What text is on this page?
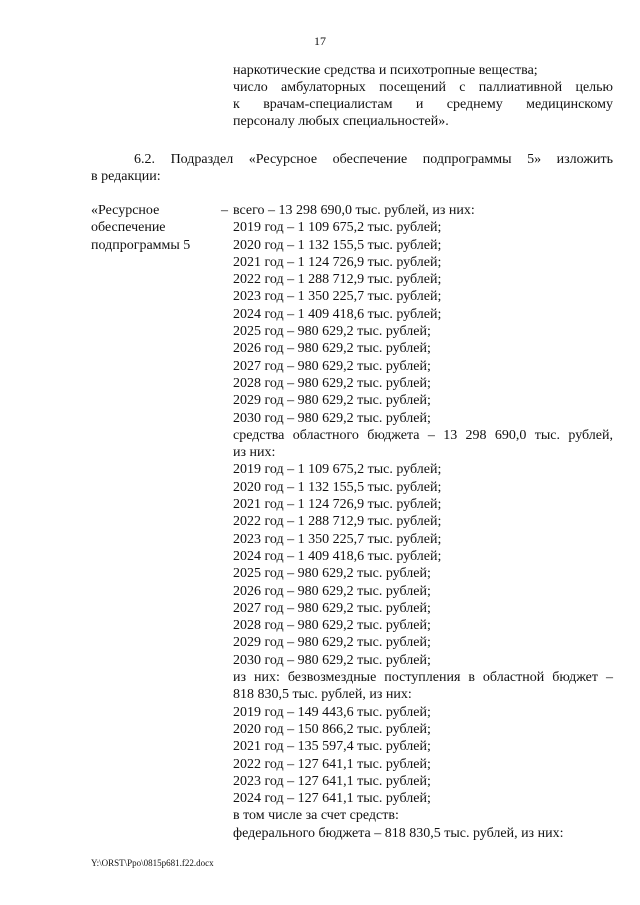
17
наркотические средства и психотропные вещества;
число амбулаторных посещений с паллиативной целью
к врачам-специалистам и среднему медицинскому
персоналу любых специальностей».
6.2. Подраздел «Ресурсное обеспечение подпрограммы 5» изложить
в редакции:
«Ресурсное	–
обеспечение
подпрограммы 5
всего – 13 298 690,0 тыс. рублей, из них:
2019 год – 1 109 675,2 тыс. рублей;
2020 год – 1 132 155,5 тыс. рублей;
2021 год – 1 124 726,9 тыс. рублей;
2022 год – 1 288 712,9 тыс. рублей;
2023 год – 1 350 225,7 тыс. рублей;
2024 год – 1 409 418,6 тыс. рублей;
2025 год – 980 629,2 тыс. рублей;
2026 год – 980 629,2 тыс. рублей;
2027 год – 980 629,2 тыс. рублей;
2028 год – 980 629,2 тыс. рублей;
2029 год – 980 629,2 тыс. рублей;
2030 год – 980 629,2 тыс. рублей;
средства областного бюджета – 13 298 690,0 тыс. рублей,
из них:
2019 год – 1 109 675,2 тыс. рублей;
2020 год – 1 132 155,5 тыс. рублей;
2021 год – 1 124 726,9 тыс. рублей;
2022 год – 1 288 712,9 тыс. рублей;
2023 год – 1 350 225,7 тыс. рублей;
2024 год – 1 409 418,6 тыс. рублей;
2025 год – 980 629,2 тыс. рублей;
2026 год – 980 629,2 тыс. рублей;
2027 год – 980 629,2 тыс. рублей;
2028 год – 980 629,2 тыс. рублей;
2029 год – 980 629,2 тыс. рублей;
2030 год – 980 629,2 тыс. рублей;
из них: безвозмездные поступления в областной бюджет –
818 830,5 тыс. рублей, из них:
2019 год – 149 443,6 тыс. рублей;
2020 год – 150 866,2 тыс. рублей;
2021 год – 135 597,4 тыс. рублей;
2022 год – 127 641,1 тыс. рублей;
2023 год – 127 641,1 тыс. рублей;
2024 год – 127 641,1 тыс. рублей;
в том числе за счет средств:
федерального бюджета – 818 830,5 тыс. рублей, из них:
Y:\ORST\Ppo\0815p681.f22.docx
